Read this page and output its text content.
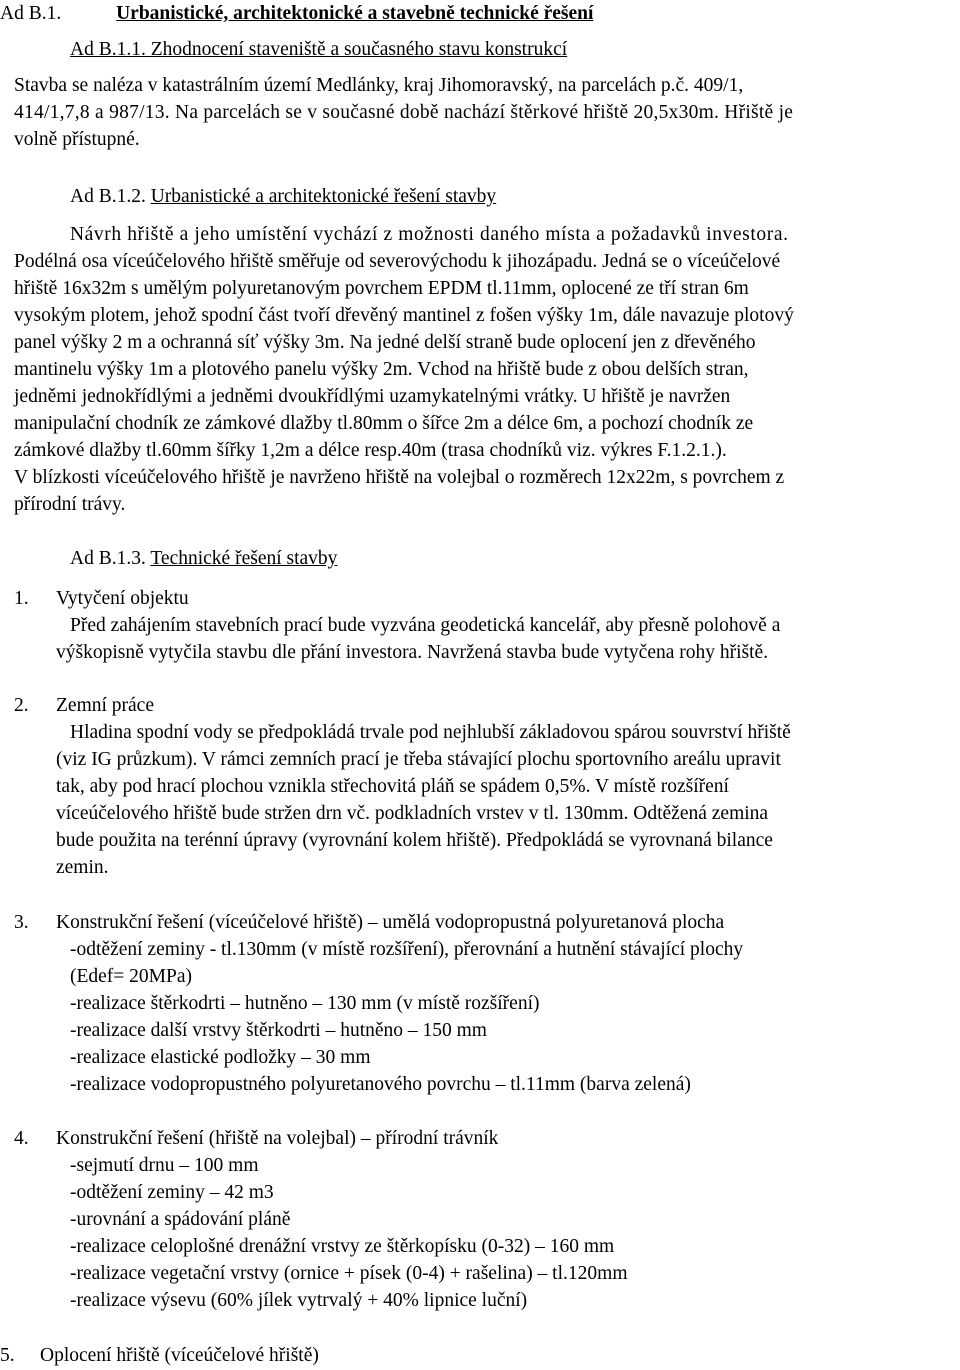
Ad B.1.	Urbanistické, architektonické a stavebně technické řešení
Ad B.1.1. Zhodnocení staveniště a současného stavu konstrukcí
Stavba se naléza v katastrálním území Medlánky, kraj Jihomoravský, na parcelách p.č. 409/1,
414/1,7,8 a 987/13. Na parcelách se v současné době nachází štěrkové hřiště 20,5x30m. Hřiště je
volně přístupné.
Ad B.1.2. Urbanistické a architektonické řešení stavby
Návrh hřiště a jeho umístění vychází z možnosti daného místa a požadavků investora.
Podélná osa víceúčelového hřiště směřuje od severovýchodu k jihozápadu. Jedná se o víceúčelové
hřiště 16x32m s umělým polyuretanovým povrchem EPDM tl.11mm, oplocené ze tří stran 6m
vysokým plotem, jehož spodní část tvoří dřevěný mantinel z fošen výšky 1m, dále navazuje plotový
panel výšky 2 m a ochranná síť výšky 3m. Na jedné delší straně bude oplocení jen z dřevěného
mantinelu výšky 1m a plotového panelu výšky 2m. Vchod na hřiště bude z obou delších stran,
jedněmi jednokřídlými a jedněmi dvoukřídlými uzamykatelnými vrátky. U hřiště je navržen
manipulační chodník ze zámkové dlažby tl.80mm o šířce 2m a délce 6m, a pochozí chodník ze
zámkové dlažby tl.60mm šířky 1,2m a délce resp.40m (trasa chodníků viz. výkres F.1.2.1.).
V blízkosti víceúčelového hřiště je navrženo hřiště na volejbal o rozměrech 12x22m, s povrchem z
přírodní trávy.
Ad B.1.3. Technické řešení stavby
1. Vytyčení objektu
Před zahájením stavebních prací bude vyzvána geodetická kancelář, aby přesně polohově a
výškopisně vytyčila stavbu dle přání investora. Navržená stavba bude vytyčena rohy hřiště.
2. Zemní práce
Hladina spodní vody se předpokládá trvale pod nejhlubší základovou spárou souvrství hřiště
(viz IG průzkum). V rámci zemních prací je třeba stávající plochu sportovního areálu upravit
tak, aby pod hrací plochou vznikla střechovitá pláň se spádem 0,5%. V místě rozšíření
víceúčelového hřiště bude stržen drn vč. podkladních vrstev v tl. 130mm. Odtěžená zemina
bude použita na terénní úpravy (vyrovnání kolem hřiště). Předpokládá se vyrovnaná bilance
zemin.
3. Konstrukční řešení (víceúčelové hřiště) – umělá vodopropustná polyuretanová plocha
-odtěžení zeminy - tl.130mm (v místě rozšíření), přerovnání a hutnění stávající plochy
(Edef= 20MPa)
-realizace štěrkodrti – hutněno – 130 mm (v místě rozšíření)
-realizace další vrstvy štěrkodrti – hutněno – 150 mm
-realizace elastické podložky – 30 mm
-realizace vodopropustného polyuretanového povrchu – tl.11mm (barva zelená)
4. Konstrukční řešení (hřiště na volejbal) – přírodní trávník
-sejmutí drnu – 100 mm
-odtěžení zeminy – 42 m3
-urovnání a spádování pláně
-realizace celoplošné drenážní vrstvy ze štěrkopísku (0-32) – 160 mm
-realizace vegetační vrstvy (ornice + písek (0-4) + rašelina) – tl.120mm
-realizace výsevu (60% jílek vytrvalý + 40% lipnice luční)
5. Oplocení hřiště (víceúčelové hřiště)
